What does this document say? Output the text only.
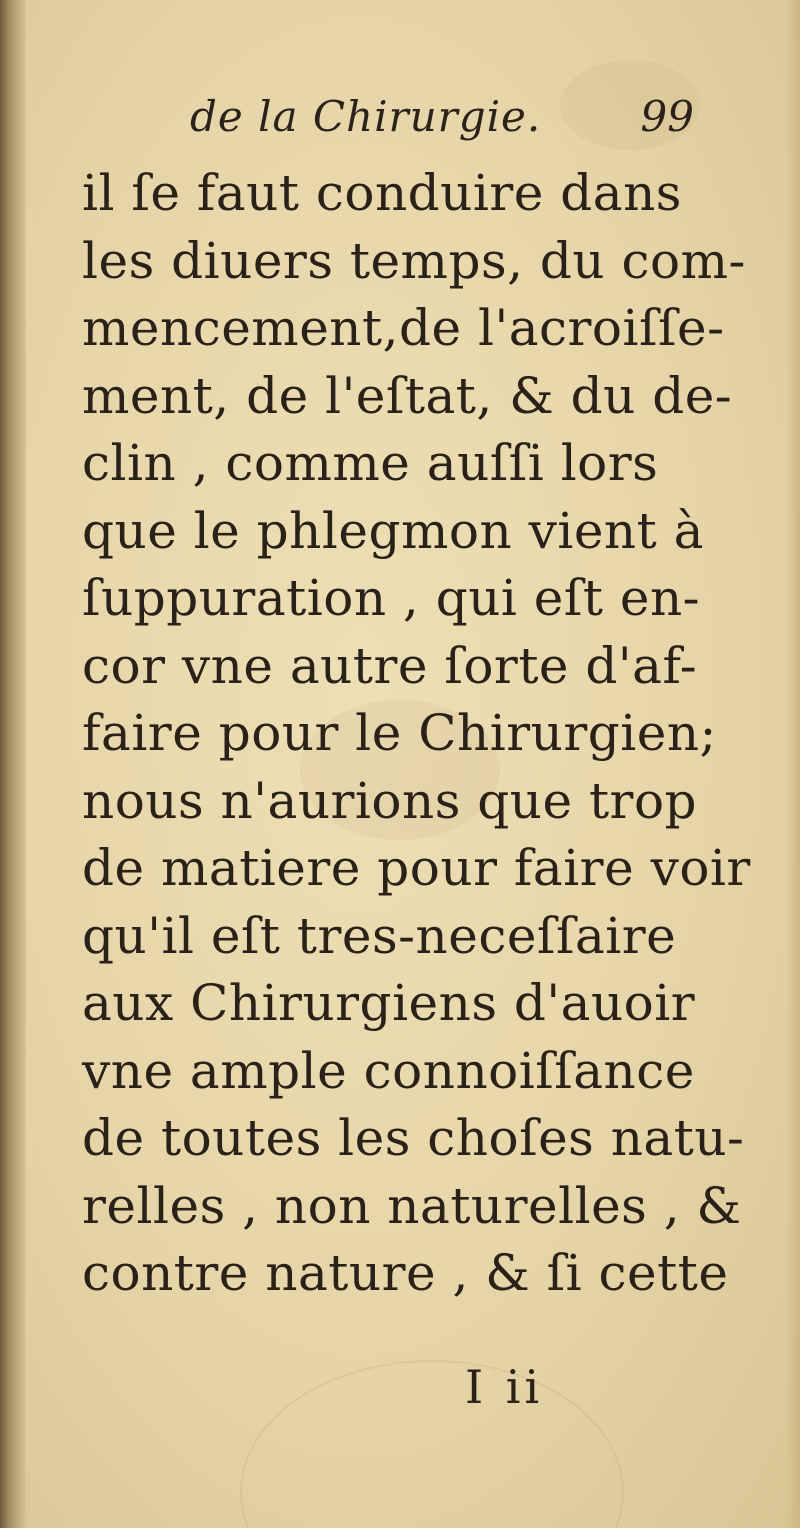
de la Chirurgie. 99
il ſe faut conduire dans
les diuers temps, du com-
mencement,de l'acroiſſe-
ment, de l'eſtat, & du de-
clin , comme auſſi lors
que le phlegmon vient à
ſuppuration , qui eſt en-
cor vne autre ſorte d'af-
faire pour le Chirurgien;
nous n'aurions que trop
de matiere pour faire voir
qu'il eſt tres-neceſſaire
aux Chirurgiens d'auoir
vne ample connoiſſance
de toutes les choſes natu-
relles , non naturelles , &
contre nature , & ſi cette
I ii
